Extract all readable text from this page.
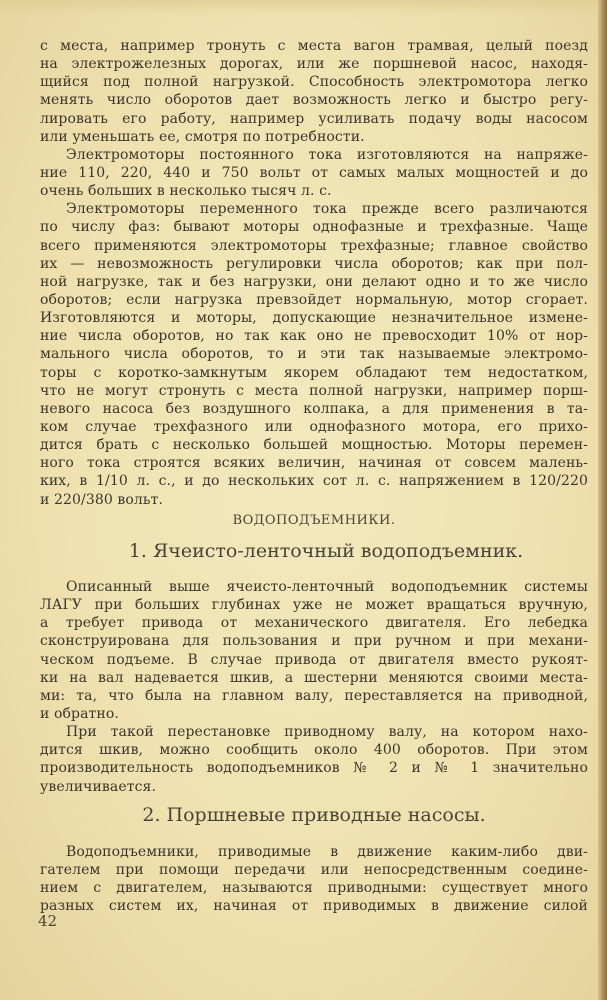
с места, например тронуть с места вагон трамвая, целый поезд
на электрожелезных дорогах, или же поршневой насос, находя-
щийся под полной нагрузкой. Способность электромотора легко
менять число оборотов дает возможность легко и быстро регу-
лировать его работу, например усиливать подачу воды насосом
или уменьшать ее, смотря по потребности.
Электромоторы постоянного тока изготовляются на напряже-
ние 110, 220, 440 и 750 вольт от самых малых мощностей и до
очень больших в несколько тысяч л. с.
Электромоторы переменного тока прежде всего различаются
по числу фаз: бывают моторы однофазные и трехфазные. Чаще
всего применяются электромоторы трехфазные; главное свойство
их — невозможность регулировки числа оборотов; как при пол-
ной нагрузке, так и без нагрузки, они делают одно и то же число
оборотов; если нагрузка превзойдет нормальную, мотор сгорает.
Изготовляются и моторы, допускающие незначительное измене-
ние числа оборотов, но так как оно не превосходит 10% от нор-
мального числа оборотов, то и эти так называемые электромо-
торы с коротко-замкнутым якорем обладают тем недостатком,
что не могут стронуть с места полной нагрузки, например порш-
невого насоса без воздушного колпака, а для применения в та-
ком случае трехфазного или однофазного мотора, его прихо-
дится брать с несколько большей мощностью. Моторы перемен-
ного тока строятся всяких величин, начиная от совсем малень-
ких, в 1/10 л. с., и до нескольких сот л. с. напряжением в 120/220
и 220/380 вольт.
ВОДОПОДЪЕМНИКИ.
1. Ячеисто-ленточный водоподъемник.
Описанный выше ячеисто-ленточный водоподъемник системы
ЛАГУ при больших глубинах уже не может вращаться вручную,
а требует привода от механического двигателя. Его лебедка
сконструирована для пользования и при ручном и при механи-
ческом подъеме. В случае привода от двигателя вместо рукоят-
ки на вал надевается шкив, а шестерни меняются своими места-
ми: та, что была на главном валу, переставляется на приводной,
и обратно.
При такой перестановке приводному валу, на котором нахо-
дится шкив, можно сообщить около 400 оборотов. При этом
производительность водоподъемников № 2 и № 1 значительно
увеличивается.
2. Поршневые приводные насосы.
Водоподъемники, приводимые в движение каким-либо дви-
гателем при помощи передачи или непосредственным соедине-
нием с двигателем, называются приводными: существует много
разных систем их, начиная от приводимых в движение силой
42
